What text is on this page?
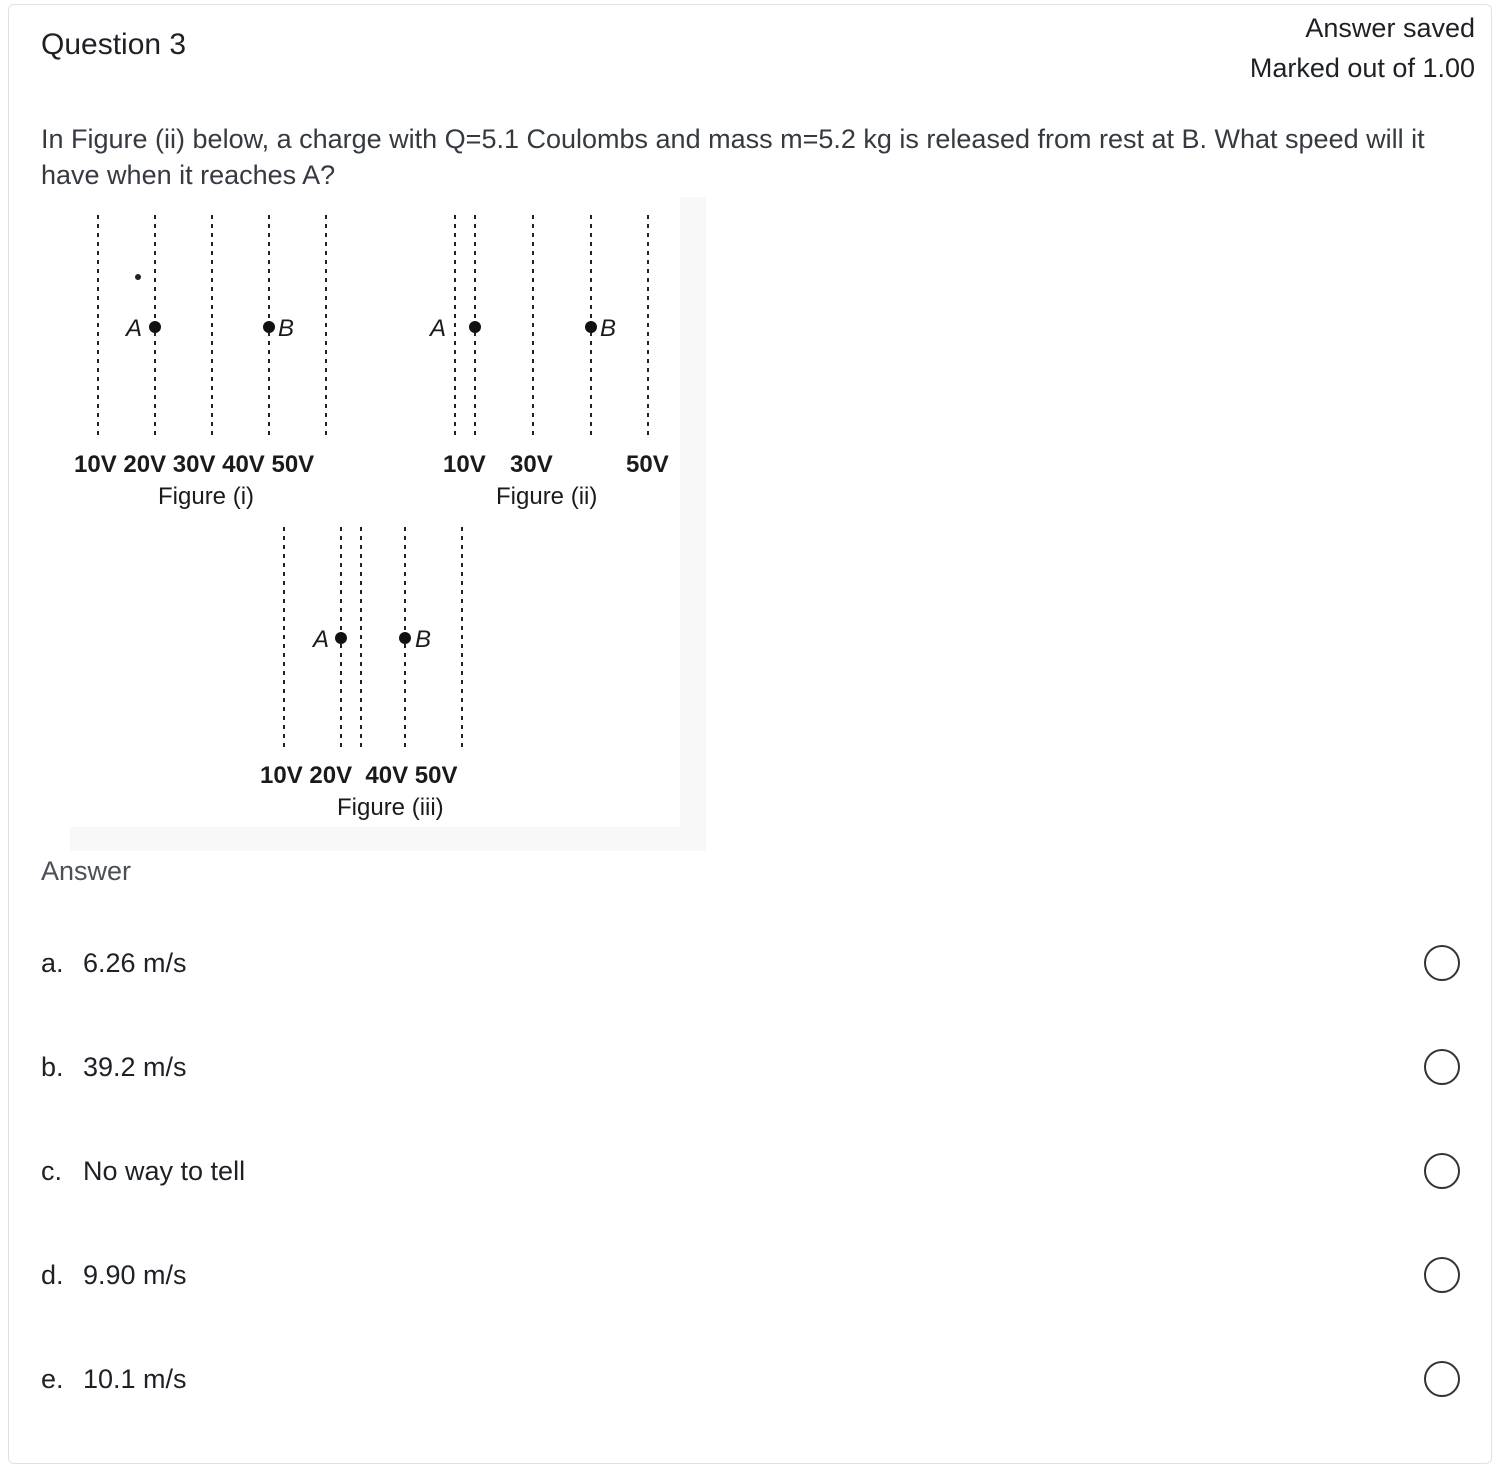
Question 3	Answer saved
Marked out of 1.00
In Figure (ii) below, a charge with Q=5.1 Coulombs and mass m=5.2 kg is released from rest at B. What speed will it have when it reaches A?
A	B	A	B
10V 20V 30V 40V 50V
Figure (i)
10V 30V	50V
Figure (ii)
A	B
10V 20V  40V 50V
Figure (iii)
Answer
a. 6.26 m/s
b. 39.2 m/s
c. No way to tell
d. 9.90 m/s
e. 10.1 m/s
